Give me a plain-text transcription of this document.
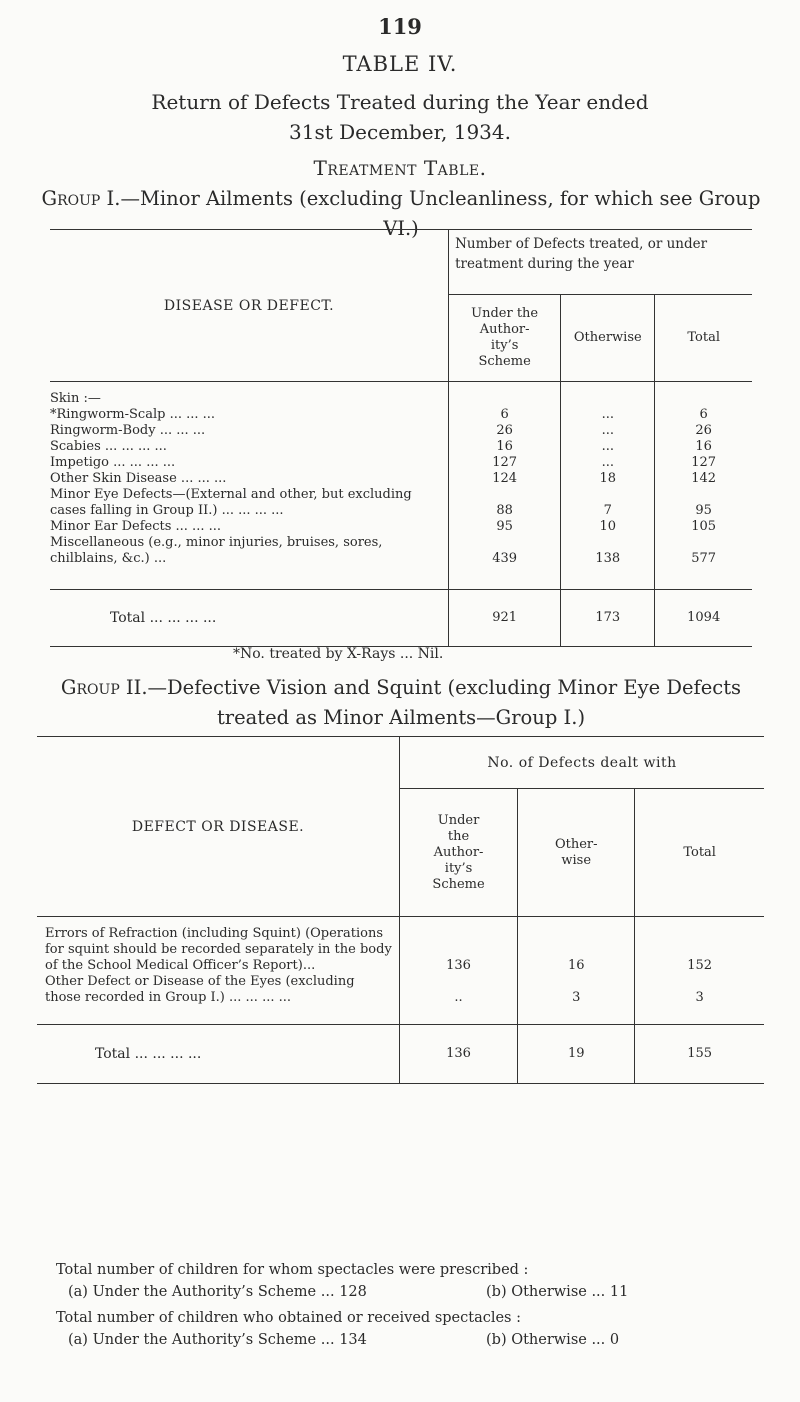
119
TABLE IV.
Return of Defects Treated during the Year ended
31st December, 1934.
Treatment Table.
Group I.—Minor Ailments (excluding Uncleanliness, for which see Group VI.)
DISEASE OR DEFECT.	Number of Defects treated, or under treatment during the year		
	Under the Author-ity’s Scheme	Otherwise	Total
Skin :—			
*Ringworm-Scalp ... ... ...	6	...	6
Ringworm-Body ... ... ...	26	...	26
Scabies ... ... ... ...	16	...	16
Impetigo ... ... ... ...	127	...	127
Other Skin Disease ... ... ...	124	18	142
Minor Eye Defects—(External and other, but excluding cases falling in Group II.) ... ... ... ...	88	7	95
Minor Ear Defects ... ... ...	95	10	105
Miscellaneous (e.g., minor injuries, bruises, sores, chilblains, &c.) ...	439	138	577
Total ... ... ... ...	921	173	1094
*No. treated by X-Rays ... Nil.
Group II.—Defective Vision and Squint (excluding Minor Eye Defects treated as Minor Ailments—Group I.)
DEFECT OR DISEASE.	No. of Defects dealt with		
	Under the Author-ity’s Scheme	Other-wise	Total
Errors of Refraction (including Squint) (Operations for squint should be recorded separately in the body of the School Medical Officer’s Report)...	136	16	152
Other Defect or Disease of the Eyes (excluding those recorded in Group I.) ... ... ... ...	..	3	3
Total ... ... ... ...	136	19	155
Total number of children for whom spectacles were prescribed :
(a) Under the Authority’s Scheme ... 128	(b) Otherwise ... 11
Total number of children who obtained or received spectacles :
(a) Under the Authority’s Scheme ... 134	(b) Otherwise ... 0
